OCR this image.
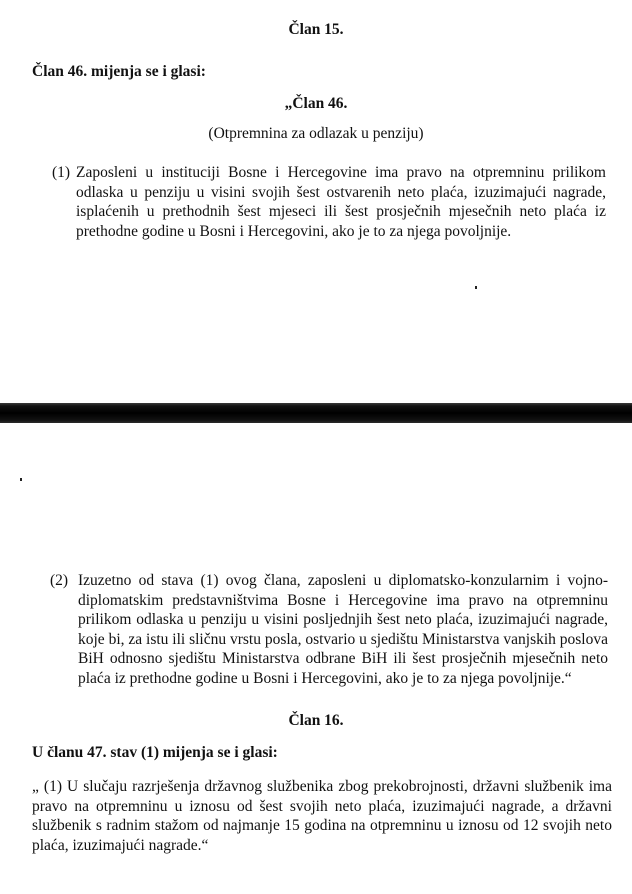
Član 15.
Član 46. mijenja se i glasi:
„Član 46.
(Otpremnina za odlazak u penziju)
(1) Zaposleni u instituciji Bosne i Hercegovine ima pravo na otpremninu prilikom odlaska u penziju u visini svojih šest ostvarenih neto plaća, izuzimajući nagrade, isplaćenih u prethodnih šest mjeseci ili šest prosječnih mjesečnih neto plaća iz prethodne godine u Bosni i Hercegovini, ako je to za njega povoljnije.
(2) Izuzetno od stava (1) ovog člana, zaposleni u diplomatsko-konzularnim i vojno-diplomatskim predstavništvima Bosne i Hercegovine ima pravo na otpremninu prilikom odlaska u penziju u visini posljednjih šest neto plaća, izuzimajući nagrade, koje bi, za istu ili sličnu vrstu posla, ostvario u sjedištu Ministarstva vanjskih poslova BiH odnosno sjedištu Ministarstva odbrane BiH ili šest prosječnih mjesečnih neto plaća iz prethodne godine u Bosni i Hercegovini, ako je to za njega povoljnije.“
Član 16.
U članu 47. stav (1) mijenja se i glasi:
„ (1) U slučaju razrješenja državnog službenika zbog prekobrojnosti, državni službenik ima pravo na otpremninu u iznosu od šest svojih neto plaća, izuzimajući nagrade, a državni službenik s radnim stažom od najmanje 15 godina na otpremninu u iznosu od 12 svojih neto plaća, izuzimajući nagrade.“
